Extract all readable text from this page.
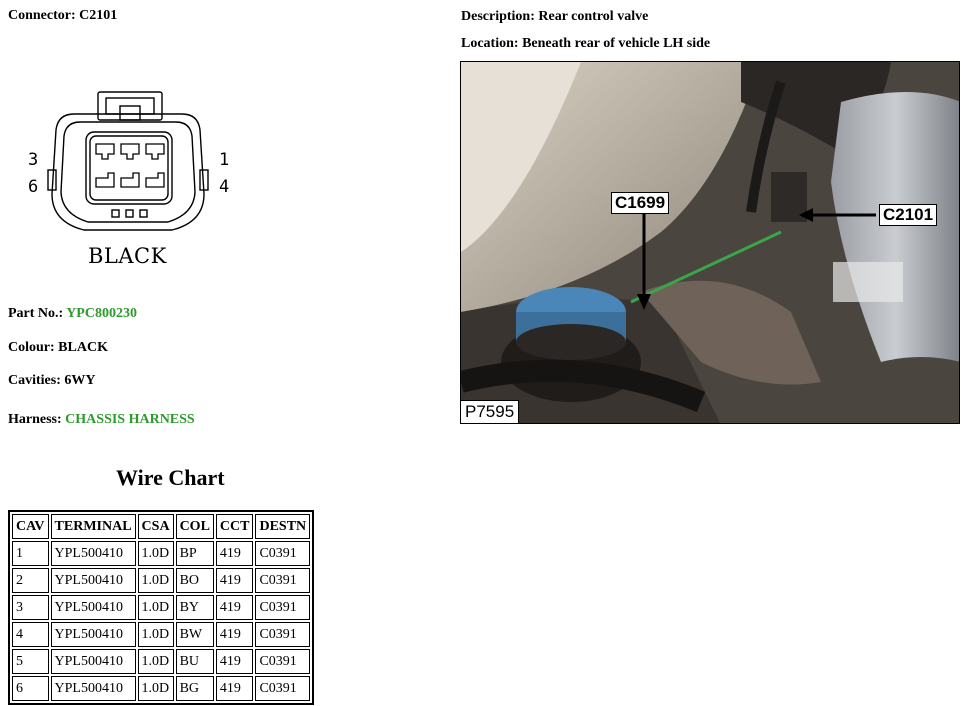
Connector: C2101	Description: Rear control valve
Location: Beneath rear of vehicle LH side
3
6
1
4
BLACK
C1699
C2101
P7595
Part No.: YPC800230
Colour: BLACK
Cavities: 6WY
Harness: CHASSIS HARNESS
Wire Chart
CAV	TERMINAL	CSA	COL	CCT	DESTN
1	YPL500410	1.0D	BP	419	C0391
2	YPL500410	1.0D	BO	419	C0391
3	YPL500410	1.0D	BY	419	C0391
4	YPL500410	1.0D	BW	419	C0391
5	YPL500410	1.0D	BU	419	C0391
6	YPL500410	1.0D	BG	419	C0391
